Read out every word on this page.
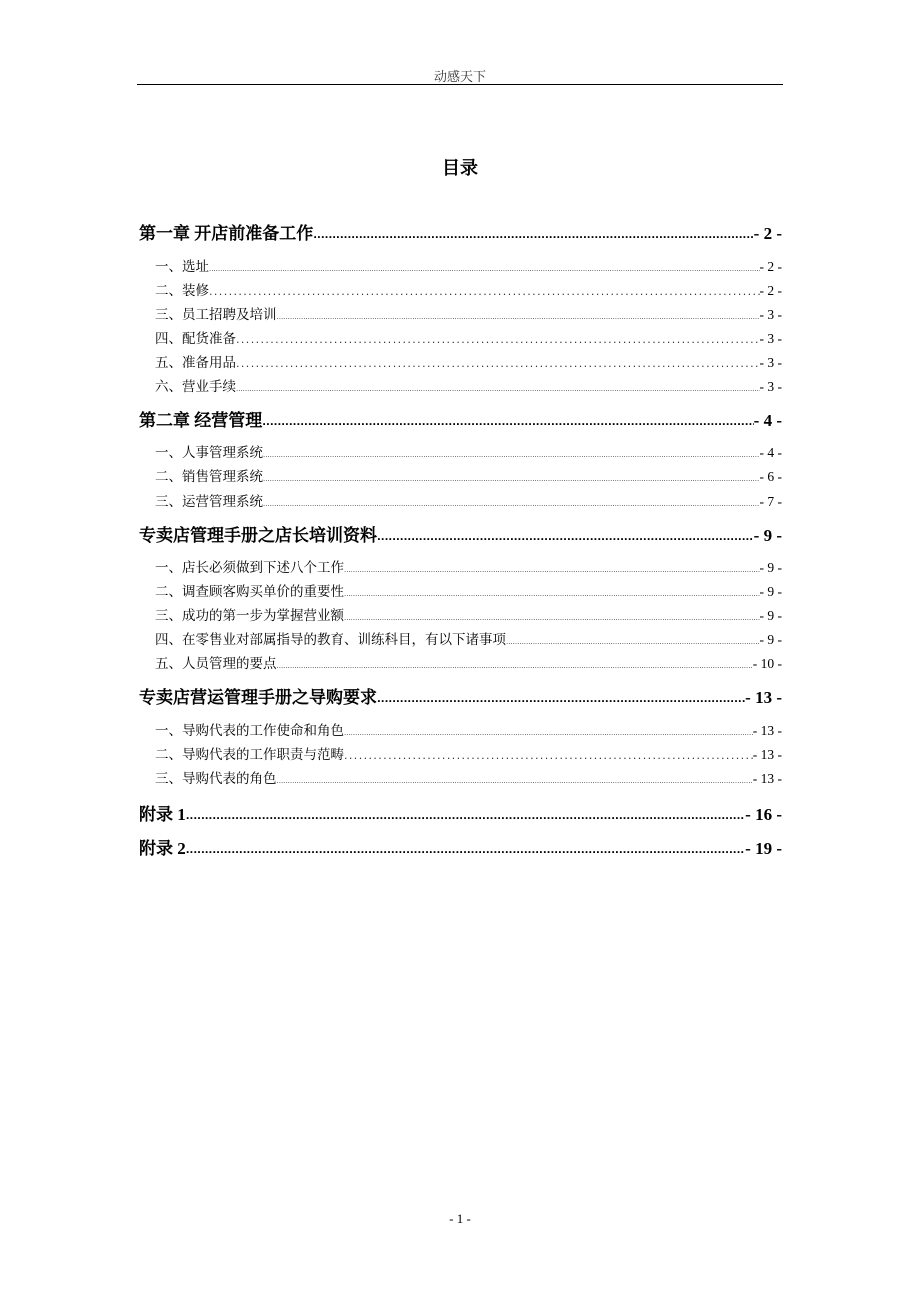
动感天下
目录
第一章 开店前准备工作 .....	- 2 -
一、选址 .....	- 2 -
二、装修 .....	- 2 -
三、员工招聘及培训 .....	- 3 -
四、配货准备 .....	- 3 -
五、准备用品 .....	- 3 -
六、营业手续 .....	- 3 -
第二章 经营管理 .....	- 4 -
一、人事管理系统 .....	- 4 -
二、销售管理系统 .....	- 6 -
三、运营管理系统 .....	- 7 -
专卖店管理手册之店长培训资料 .....	- 9 -
一、店长必须做到下述八个工作 .....	- 9 -
二、调查顾客购买单价的重要性 .....	- 9 -
三、成功的第一步为掌握营业额 .....	- 9 -
四、在零售业对部属指导的教育、训练科目，有以下诸事项 .....	- 9 -
五、人员管理的要点 .....	- 10 -
专卖店营运管理手册之导购要求 .....	- 13 -
一、导购代表的工作使命和角色 .....	- 13 -
二、导购代表的工作职责与范畴 .....	- 13 -
三、导购代表的角色 .....	- 13 -
附录 1 .....	- 16 -
附录 2 .....	- 19 -
- 1 -
